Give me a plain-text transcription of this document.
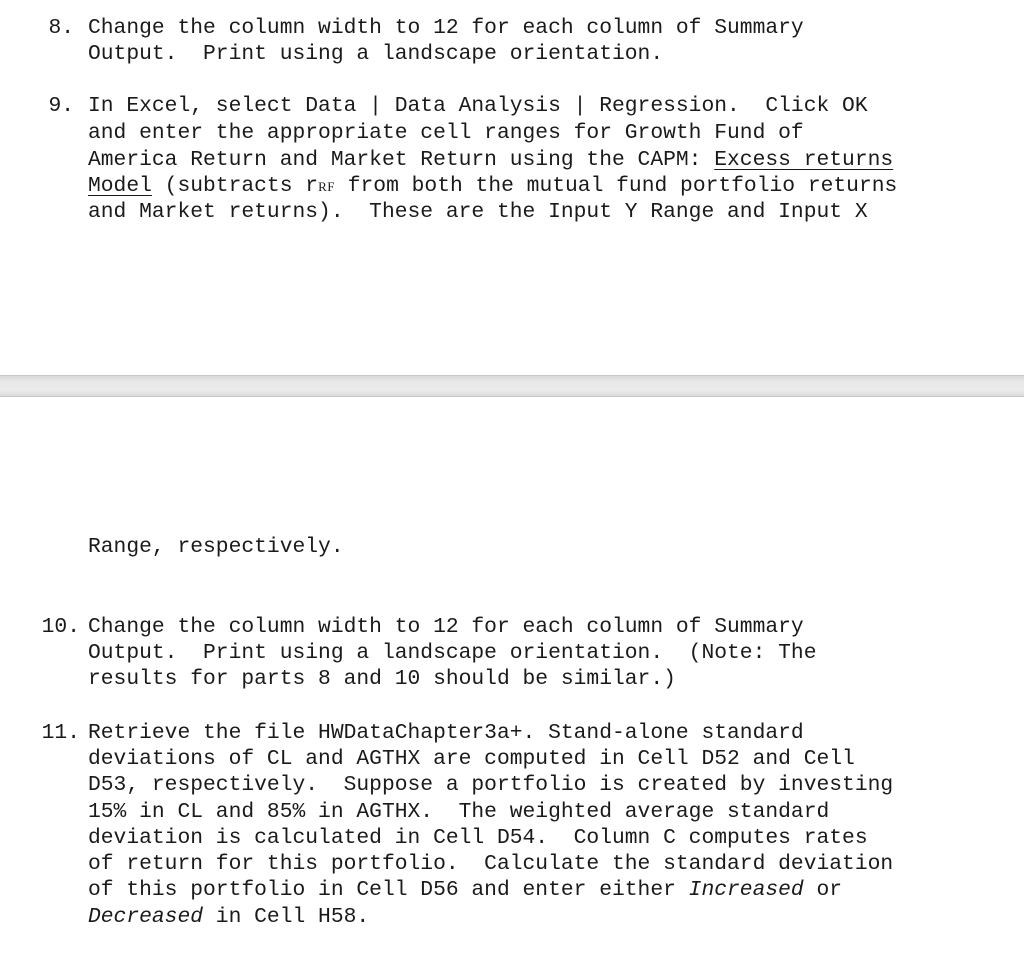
8. Change the column width to 12 for each column of Summary
Output.  Print using a landscape orientation.
9. In Excel, select Data | Data Analysis | Regression.  Click OK
and enter the appropriate cell ranges for Growth Fund of
America Return and Market Return using the CAPM: Excess returns
Model (subtracts rRF from both the mutual fund portfolio returns
and Market returns).  These are the Input Y Range and Input X
Range, respectively.
10. Change the column width to 12 for each column of Summary
Output.  Print using a landscape orientation.  (Note: The
results for parts 8 and 10 should be similar.)
11. Retrieve the file HWDataChapter3a+. Stand-alone standard
deviations of CL and AGTHX are computed in Cell D52 and Cell
D53, respectively.  Suppose a portfolio is created by investing
15% in CL and 85% in AGTHX.  The weighted average standard
deviation is calculated in Cell D54.  Column C computes rates
of return for this portfolio.  Calculate the standard deviation
of this portfolio in Cell D56 and enter either Increased or
Decreased in Cell H58.
